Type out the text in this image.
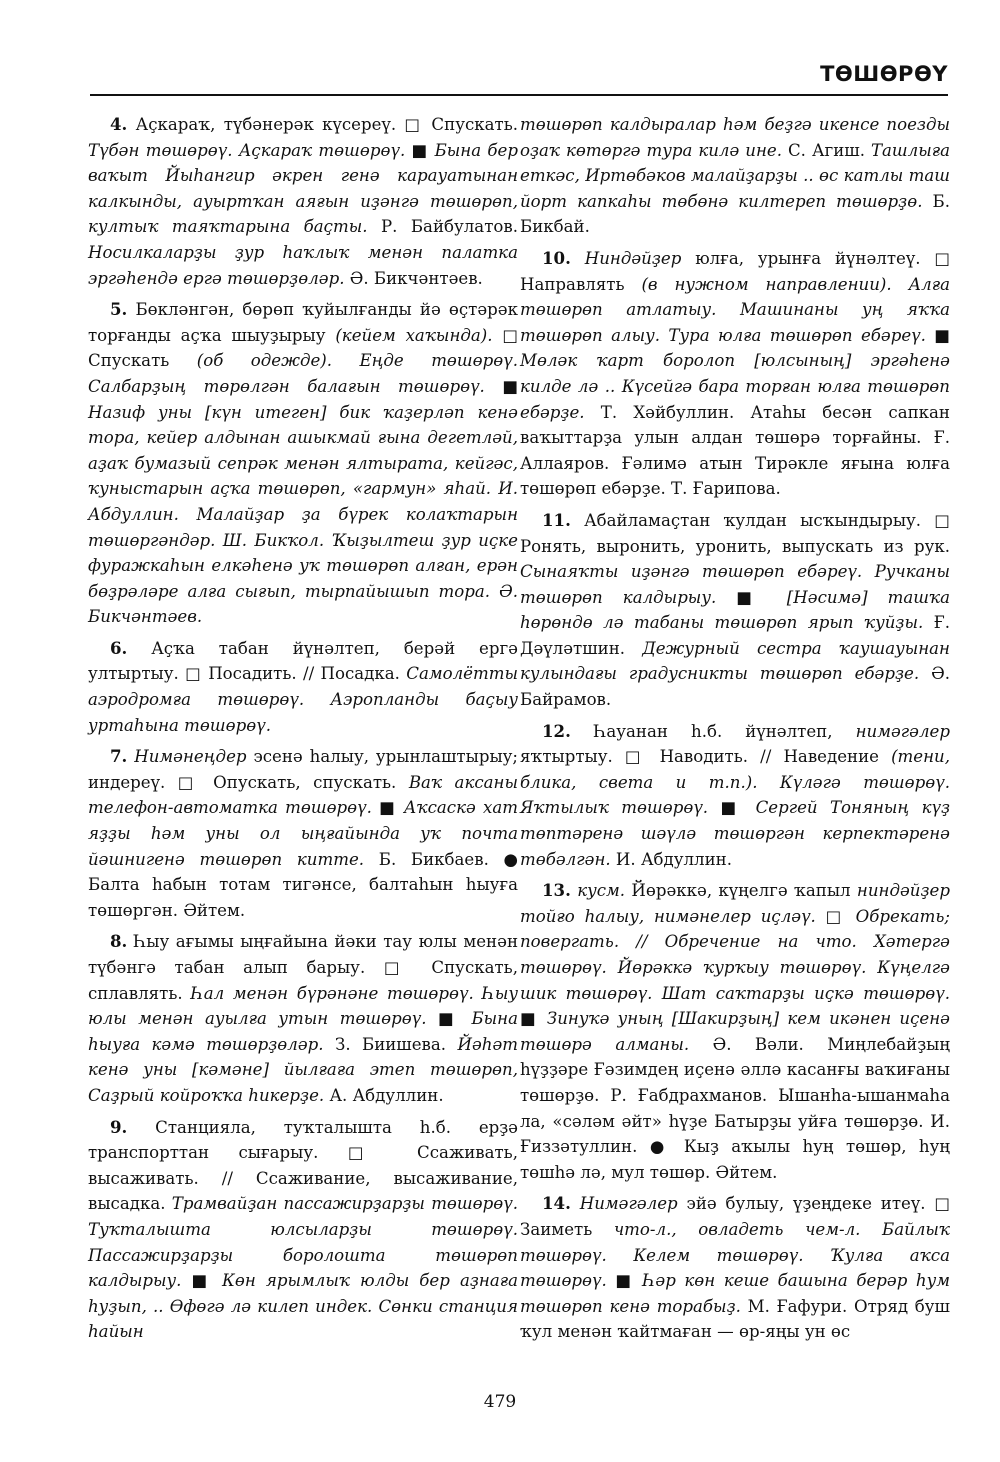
ТӨШӨРӨҮ

4. Аҫкараҡ, түбәнерәк күсереү. □ Спускать. Түбән төшөрөү. Аҫкараҡ төшөрөү. ■ Бына бер ваҡыт Йыһангир әкрен генә карауатынан калкынды, ауыртҡан аяғын иҙәнгә төшөрөп, култыҡ таяҡтарына баҫты. Р. Байбулатов. Носилкаларҙы ҙур һаҡлыҡ менән палатка эргәһендә ергә төшөрҙөләр. Ә. Бикчәнтәев.

5. Бөкләнгән, бөрөп ҡуйылғанды йә өҫтәрәк торғанды аҫҡа шыуҙырыу (кейем хаҡында). □ Спускать (об одежде). Еңде төшөрөү. Салбарҙың төрөлгән балағын төшөрөү. ■ Назиф уны [күн итеген] бик ҡаҙерләп кенә тора, кейер алдынан ашыкмай ғына дегетләй, аҙаҡ бумазый сепрәк менән ялтырата, кейгәс, ҡуныстарын аҫҡа төшөрөп, «гармун» яһай. И. Абдуллин. Малайҙар ҙа бүрек колаҡтарын төшөргәндәр. Ш. Бикҡол. Ҡыҙылтеш ҙур иҫке фуражкаһын елкәһенә уҡ төшөрөп алған, ерән бөҙрәләре алға сығып, тырпайышып тора. Ә. Бикчәнтәев.

6. Аҫҡа табан йүнәлтеп, берәй ергә ултыртыу. □ Посадить. // Посадка. Самолётты аэродромға төшөрөү. Аэропланды баҫыу уртаһына төшөрөү.

7. Нимәнеңдер эсенә һалыу, урынлаштырыу; индереү. □ Опускать, спускать. Ваҡ аксаны телефон-автоматка төшөрөү. ■ Аҡсаскә хат яҙҙы һәм уны ол ыңғайында уҡ почта йәшнигенә төшөрөп китте. Б. Бикбаев. ● Балта һабын тотам тигәнсе, балтаһын һыуға төшөргән. Әйтем.

8. Һыу ағымы ыңғайына йәки тау юлы менән түбәнгә табан алып барыу. □ Спускать, сплавлять. Һал менән бүрәнәне төшөрөү. Һыу юлы менән ауылға утын төшөрөү. ■ Бына һыуға кәмә төшөрҙөләр. З. Биишева. Йәһәт кенә уны [кәмәне] йылғаға этеп төшөрөп, Саҙрый койроҡҡа һикерҙе. А. Абдуллин.

9. Станцияла, туҡталышта һ.б. ерҙә транспорттан сығарыу. □ Ссаживать, высаживать. // Ссаживание, высаживание, высадка. Трамвайҙан пассажирҙарҙы төшөрөү. Туҡталышта юлсыларҙы төшөрөү. Пассажирҙарҙы боролошта төшөрөп калдырыу. ■ Көн ярымлыҡ юлды бер аҙнаға һуҙып, .. Өфөгә лә килеп индек. Сөнки станция һайын

төшөрөп калдыралар һәм беҙгә икенсе поезды оҙаҡ көтөргә тура килә ине. С. Агиш. Ташлыға еткәс, Иртөбәков малайҙарҙы .. өс катлы таш йорт капкаһы төбөнә килтереп төшөрҙө. Б. Бикбай.

10. Ниндәйҙер юлға, урынға йүнәлтеү. □ Направлять (в нужном направлении). Алға төшөрөп атлатыу. Машинаны уң яҡҡа төшөрөп алыу. Тура юлға төшөрөп ебәреү. ■ Мөләк ҡарт боролоп [юлсының] эргәһенә килде лә .. Күсейгә бара торған юлға төшөрөп ебәрҙе. Т. Хәйбуллин. Атаһы бесән сапкан ваҡыттарҙа улын алдан төшөрә торғайны. Ғ. Аллаяров. Ғәлимә атын Тирәкле яғына юлға төшөрөп ебәрҙе. Т. Ғарипова.

11. Абайламаҫтан ҡулдан ысҡындырыу. □ Ронять, выронить, уронить, выпускать из рук. Сынаяҡты иҙәнгә төшөрөп ебәреү. Ручканы төшөрөп калдырыу. ■ [Нәсимә] ташҡа һөрөндө лә табаны төшөрөп ярып ҡуйҙы. Ғ. Дәүләтшин. Дежурный сестра ҡаушауынан кулындағы градусникты төшөрөп ебәрҙе. Ә. Байрамов.

12. Һауанан һ.б. йүнәлтеп, нимәгәлер яҡтыртыу. □ Наводить. // Наведение (тени, блика, света и т.п.). Күләгә төшөрөү. Яҡтылыҡ төшөрөү. ■ Сергей Тоняның күҙ төптәренә шәүлә төшөргән керпектәренә төбәлгән. И. Абдуллин.

13. кусм. Йөрәккә, күңелгә ҡапыл ниндәйҙер тойғо һалыу, нимәнелер иҫләү. □ Обрекать; повергать. // Обречение на что. Хәтергә төшөрөү. Йөрәккә ҡурҡыу төшөрөү. Күңелгә шик төшөрөү. Шат саҡтарҙы иҫкә төшөрөү. ■ Зинуҡә уның [Шакирҙың] кем икәнен иҫенә төшөрә алманы. Ә. Вәли. Миңлебайҙың һүҙҙәре Ғәзимдең иҫенә әллә касанғы ваҡиғаны төшөрҙө. Р. Ғабдрахманов. Ышанһа-ышанмаһа ла, «сәләм әйт» һүҙе Батырҙы уйға төшөрҙө. И. Ғиззәтуллин. ● Кыҙ аҡылы һуң төшөр, һуң төшһә лә, мул төшөр. Әйтем.

14. Нимәгәлер эйә булыу, үҙеңдеке итеү. □ Заиметь что-л., овладеть чем-л. Байлыҡ төшөрөү. Келем төшөрөү. Ҡулға аҡса төшөрөү. ■ Һәр көн кеше башына берәр һум төшөрөп кенә торабыҙ. М. Ғафури. Отряд буш ҡул менән ҡайтмаған — өр-яңы ун өс

479
